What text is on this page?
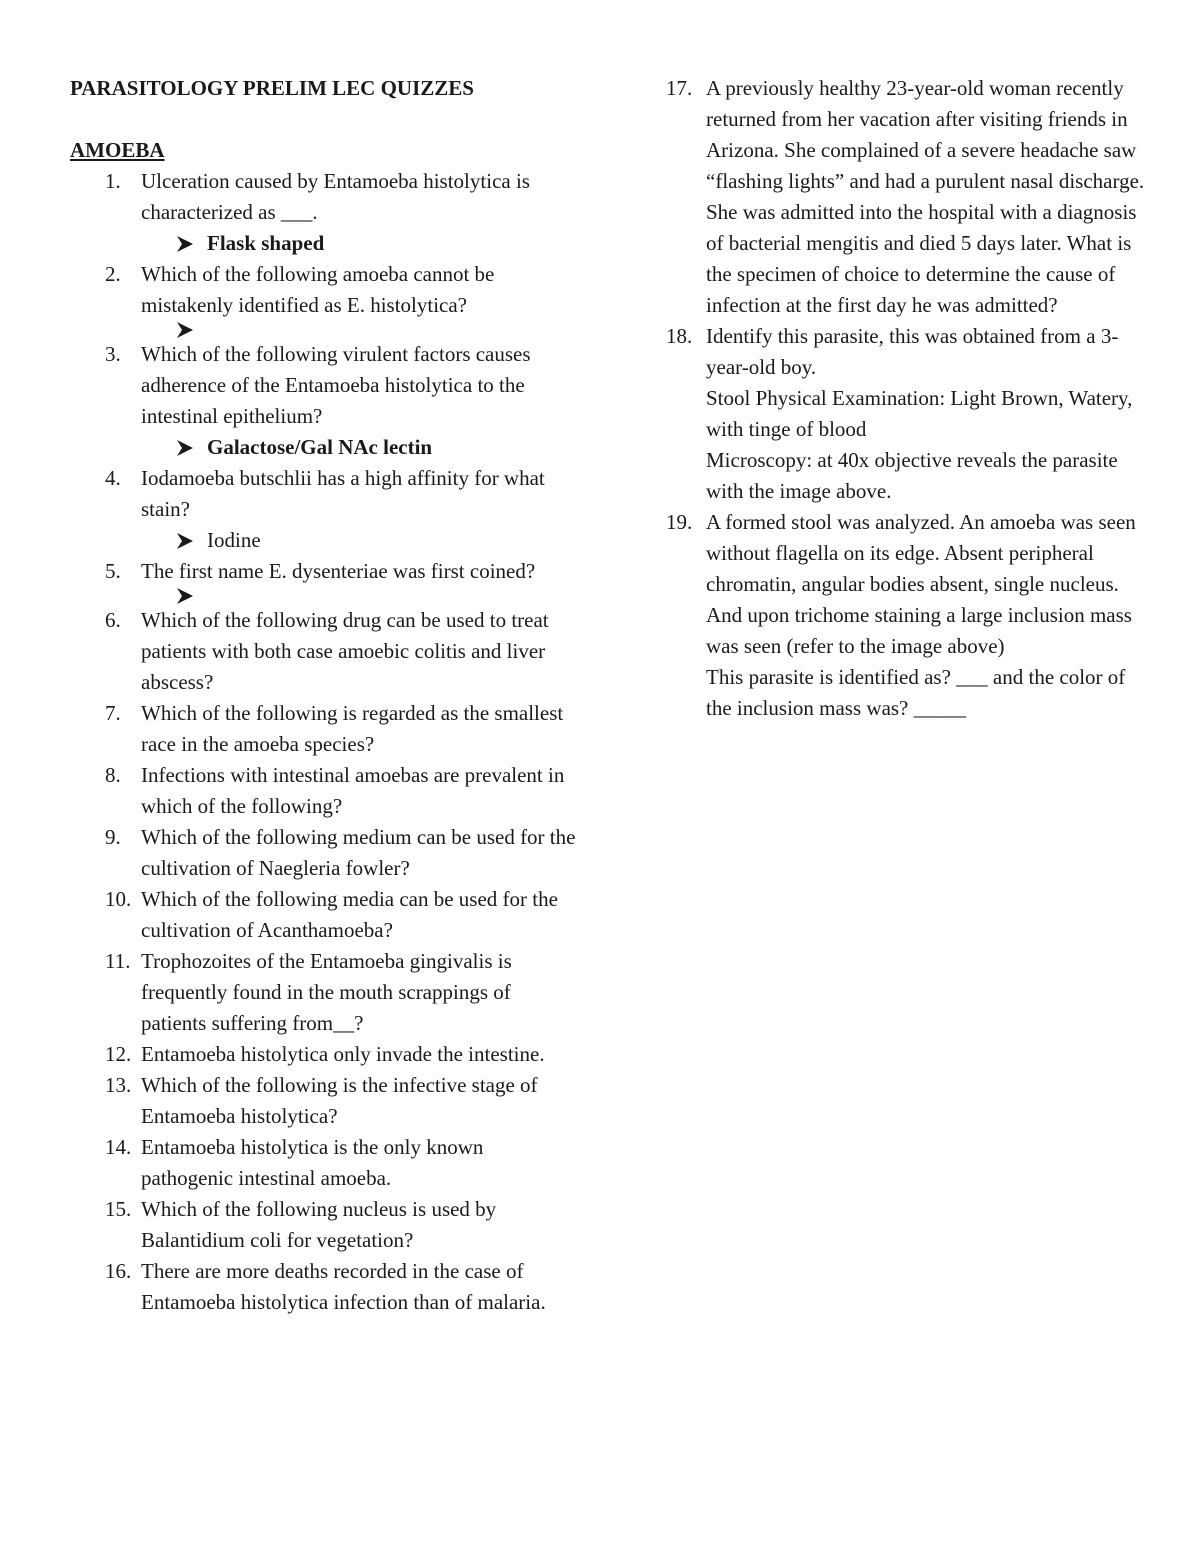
PARASITOLOGY PRELIM LEC QUIZZES
AMOEBA
1. Ulceration caused by Entamoeba histolytica is characterized as ___.
Flask shaped
2. Which of the following amoeba cannot be mistakenly identified as E. histolytica?
3. Which of the following virulent factors causes adherence of the Entamoeba histolytica to the intestinal epithelium?
Galactose/Gal NAc lectin
4. Iodamoeba butschlii has a high affinity for what stain?
Iodine
5. The first name E. dysenteriae was first coined?
6. Which of the following drug can be used to treat patients with both case amoebic colitis and liver abscess?
7. Which of the following is regarded as the smallest race in the amoeba species?
8. Infections with intestinal amoebas are prevalent in which of the following?
9. Which of the following medium can be used for the cultivation of Naegleria fowler?
10. Which of the following media can be used for the cultivation of Acanthamoeba?
11. Trophozoites of the Entamoeba gingivalis is frequently found in the mouth scrappings of patients suffering from__?
12. Entamoeba histolytica only invade the intestine.
13. Which of the following is the infective stage of Entamoeba histolytica?
14. Entamoeba histolytica is the only known pathogenic intestinal amoeba.
15. Which of the following nucleus is used by Balantidium coli for vegetation?
16. There are more deaths recorded in the case of Entamoeba histolytica infection than of malaria.
17. A previously healthy 23-year-old woman recently returned from her vacation after visiting friends in Arizona. She complained of a severe headache saw “flashing lights” and had a purulent nasal discharge. She was admitted into the hospital with a diagnosis of bacterial mengitis and died 5 days later. What is the specimen of choice to determine the cause of infection at the first day he was admitted?
18. Identify this parasite, this was obtained from a 3-year-old boy.
Stool Physical Examination: Light Brown, Watery, with tinge of blood
Microscopy: at 40x objective reveals the parasite with the image above.
19. A formed stool was analyzed. An amoeba was seen without flagella on its edge. Absent peripheral chromatin, angular bodies absent, single nucleus. And upon trichome staining a large inclusion mass was seen (refer to the image above)
This parasite is identified as? ___ and the color of the inclusion mass was? _____
